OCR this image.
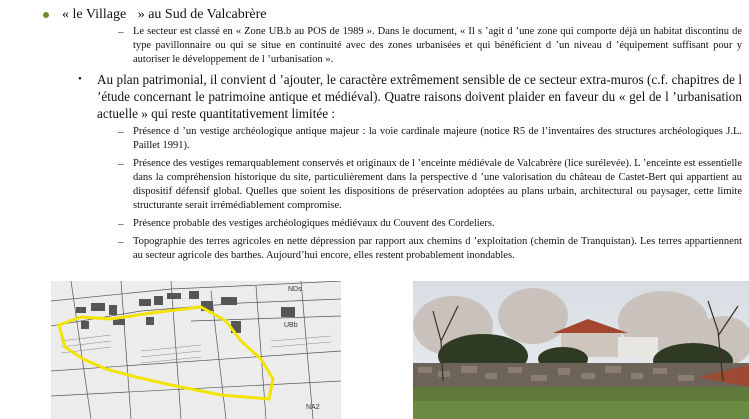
« le Village » au Sud de Valcabrère
– Le secteur est classé en « Zone UB.b au POS de 1989 ». Dans le document, « Il s ’agit d ’une zone qui comporte déjà un habitat discontinu de type pavillonnaire ou qui se situe en continuité avec des zones urbanisées et qui bénéficient d ’un niveau d ’équipement suffisant pour y autoriser le développement de l ’urbanisation ».
• Au plan patrimonial, il convient d ’ajouter, le caractère extrêmement sensible de ce secteur extra-muros (c.f. chapitres de l ’étude concernant le patrimoine antique et médiéval). Quatre raisons doivent plaider en faveur du « gel de l ’urbanisation actuelle » qui reste quantitativement limitée :
– Présence d ’un vestige archéologique antique majeur : la voie cardinale majeure (notice R5 de l’inventaires des structures archéologiques J.L. Paillet 1991).
– Présence des vestiges remarquablement conservés et originaux de l ’enceinte médiévale de Valcabrère (lice surélevée). L ’enceinte est essentielle dans la compréhension historique du site, particulièrement dans la perspective d ’une valorisation du château de Castet-Bert qui appartient au dispositif défensif global. Quelles que soient les dispositions de préservation adoptées au plans urbain, architectural ou paysager, cette limite structurante serait irrémédiablement compromise.
– Présence probable des vestiges archéologiques médiévaux du Couvent des Cordeliers.
– Topographie des terres agricoles en nette dépression par rapport aux chemins d ’exploitation (chemin de Tranquistan). Les terres appartiennent au secteur agricole des barthes. Aujourd’hui encore, elles restent probablement inondables.
NDs
UBb
NA2
